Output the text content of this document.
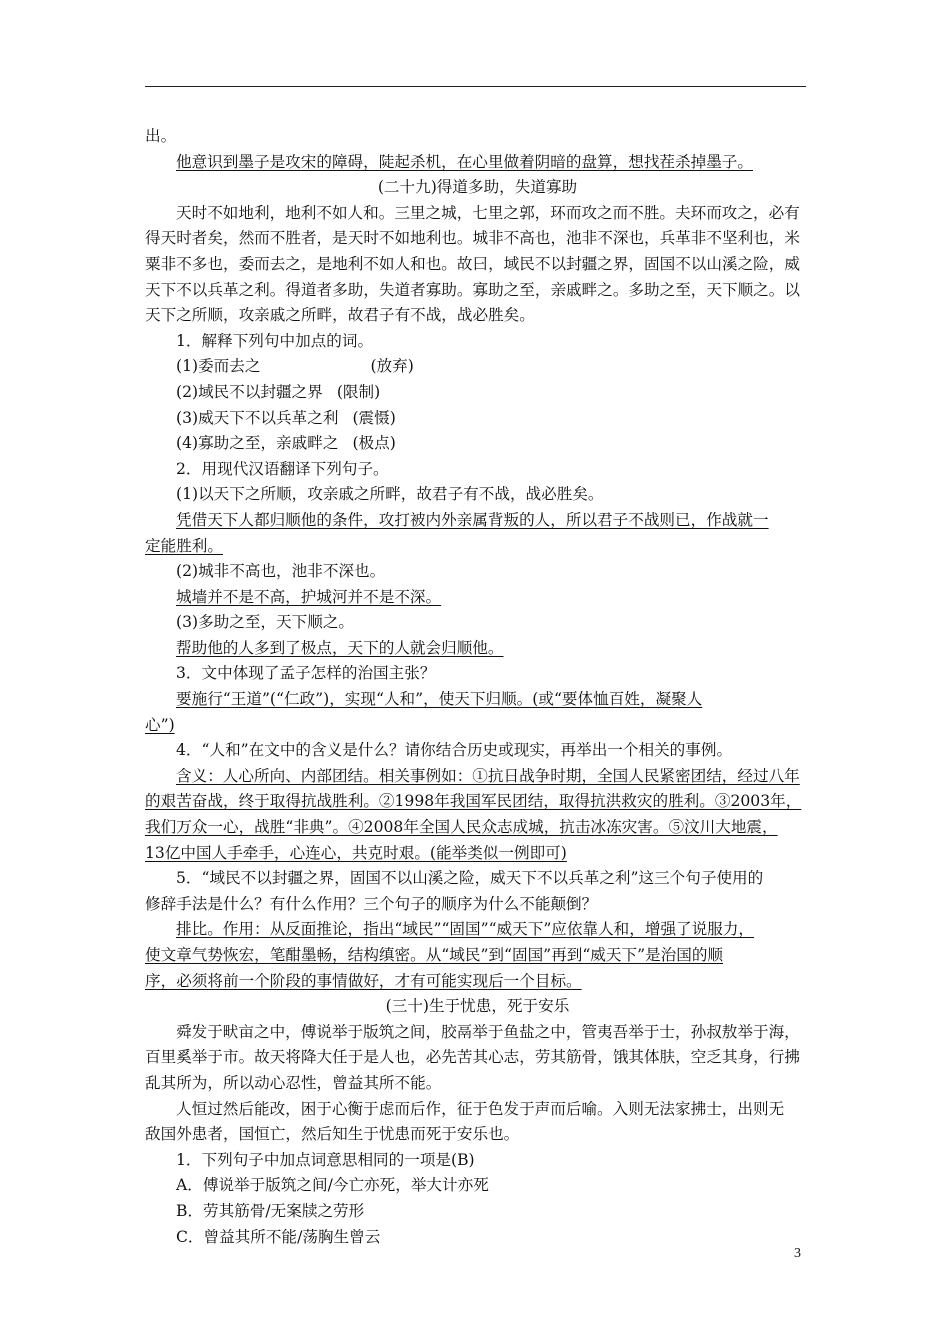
出。

他意识到墨子是攻宋的障碍，陡起杀机，在心里做着阴暗的盘算，想找茬杀掉墨子。

(二十九)得道多助，失道寡助

天时不如地利，地利不如人和。三里之城，七里之郭，环而攻之而不胜。夫环而攻之，必有

得天时者矣，然而不胜者，是天时不如地利也。城非不高也，池非不深也，兵革非不坚利也，米

粟非不多也，委而去之，是地利不如人和也。故曰，域民不以封疆之界，固国不以山溪之险，威

天下不以兵革之利。得道者多助，失道者寡助。寡助之至，亲戚畔之。多助之至，天下顺之。以

天下之所顺，攻亲戚之所畔，故君子有不战，战必胜矣。

1．解释下列句中加点的词。

(1)委而去之	(放弃)

(2)域民不以封疆之界 (限制)

(3)威天下不以兵革之利 (震慑)

(4)寡助之至，亲戚畔之 (极点)

2．用现代汉语翻译下列句子。

(1)以天下之所顺，攻亲戚之所畔，故君子有不战，战必胜矣。

凭借天下人都归顺他的条件，攻打被内外亲属背叛的人，所以君子不战则已，作战就一

定能胜利。

(2)城非不高也，池非不深也。

城墙并不是不高，护城河并不是不深。

(3)多助之至，天下顺之。

帮助他的人多到了极点，天下的人就会归顺他。

3．文中体现了孟子怎样的治国主张？

要施行“王道”(“仁政”)，实现“人和”，使天下归顺。(或“要体恤百姓，凝聚人

心”)

4．“人和”在文中的含义是什么？请你结合历史或现实，再举出一个相关的事例。

含义：人心所向、内部团结。相关事例如：①抗日战争时期，全国人民紧密团结，经过八年

的艰苦奋战，终于取得抗战胜利。②1998年我国军民团结，取得抗洪救灾的胜利。③2003年，

我们万众一心，战胜“非典”。④2008年全国人民众志成城，抗击冰冻灾害。⑤汶川大地震，

13亿中国人手牵手，心连心，共克时艰。(能举类似一例即可)

5．“域民不以封疆之界，固国不以山溪之险，威天下不以兵革之利”这三个句子使用的

修辞手法是什么？有什么作用？三个句子的顺序为什么不能颠倒？

排比。作用：从反面推论，指出“域民”“固国”“威天下”应依靠人和，增强了说服力，

使文章气势恢宏，笔酣墨畅，结构缜密。从“域民”到“固国”再到“威天下”是治国的顺

序，必须将前一个阶段的事情做好，才有可能实现后一个目标。

(三十)生于忧患，死于安乐

舜发于畎亩之中，傅说举于版筑之间，胶鬲举于鱼盐之中，管夷吾举于士，孙叔敖举于海，

百里奚举于市。故天将降大任于是人也，必先苦其心志，劳其筋骨，饿其体肤，空乏其身，行拂

乱其所为，所以动心忍性，曾益其所不能。

人恒过然后能改，困于心衡于虑而后作，征于色发于声而后喻。入则无法家拂士，出则无

敌国外患者，国恒亡，然后知生于忧患而死于安乐也。

1．下列句子中加点词意思相同的一项是(B)

A．傅说举于版筑之间/今亡亦死，举大计亦死

B．劳其筋骨/无案牍之劳形

C．曾益其所不能/荡胸生曾云

3
